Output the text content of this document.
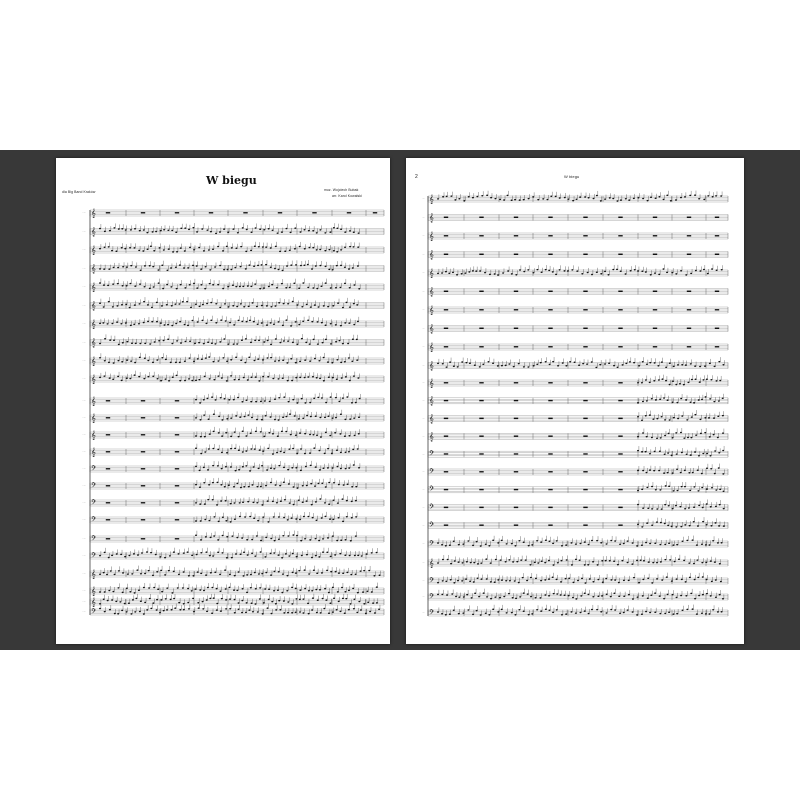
W biegu
dla Big Band Kraków	muz. Wojciech Bubak
arr. Karol Kowalski
𝄞
·····
𝄞
·····
𝄞
·····
𝄞
·····
𝄞
·····
𝄞
·····
𝄞
·····
𝄞
·····
𝄞
·····
𝄞
·····
𝄞
·····
𝄞
·····
𝄞
·····
𝄞
·····
𝄢
·····
𝄢
·····
𝄢
·····
𝄢
·····
𝄢
·····
𝄢
·····
𝄞
·····
𝄞
·····
𝄞
·····
𝄢
·····
2	W biegu
𝄞
····
𝄞
····
𝄞
····
𝄞
····
𝄞
····
𝄞
····
𝄞
····
𝄞
····
𝄞
····
𝄞
····
𝄞
····
𝄞
····
𝄞
····
𝄞
····
𝄢
····
𝄢
····
𝄢
····
𝄢
····
𝄢
····
𝄢
····
𝄞
····
𝄢
····
𝄢
····
𝄢
····
